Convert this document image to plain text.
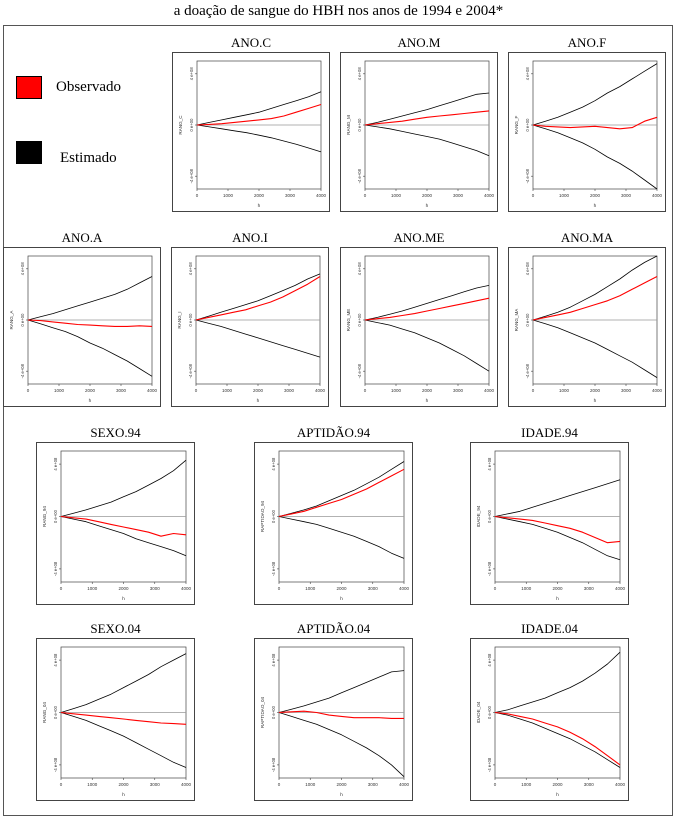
a doação de sangue do HBH nos anos de 1994 e 2004*
Observado
Estimado
ANO.C
0	1000	2000	3000	4000
-4 e+08
0 e+00
4 e+08
h
RANG_C
ANO.M
0	1000	2000	3000	4000
-4 e+08
0 e+00
4 e+08
h
RANG_M
ANO.F
0	1000	2000	3000	4000
-4 e+08
0 e+00
4 e+08
h
RANG_F
ANO.A
0	1000	2000	3000	4000
-4 e+08
0 e+00
4 e+08
h
RANG_A
ANO.I
0	1000	2000	3000	4000
-4 e+08
0 e+00
4 e+08
h
RANG_I
ANO.ME
0	1000	2000	3000	4000
-4 e+08
0 e+00
4 e+08
h
RANG_ME
ANO.MA
0	1000	2000	3000	4000
-4 e+08
0 e+00
4 e+08
h
RANG_MA
SEXO.94
0	1000	2000	3000	4000
-4 e+08
0 e+00
4 e+08
h
RANG_94
APTIDÃO.94
0	1000	2000	3000	4000
-4 e+08
0 e+00
4 e+08
h
RAPTIDAO_94
IDADE.94
0	1000	2000	3000	4000
-4 e+08
0 e+00
4 e+08
h
IDADE_94
SEXO.04
0	1000	2000	3000	4000
-4 e+08
0 e+00
4 e+08
h
RANG_04
APTIDÃO.04
0	1000	2000	3000	4000
-4 e+08
0 e+00
4 e+08
h
RAPTIDAO_04
IDADE.04
0	1000	2000	3000	4000
-4 e+08
0 e+00
4 e+08
h
IDADE_04
